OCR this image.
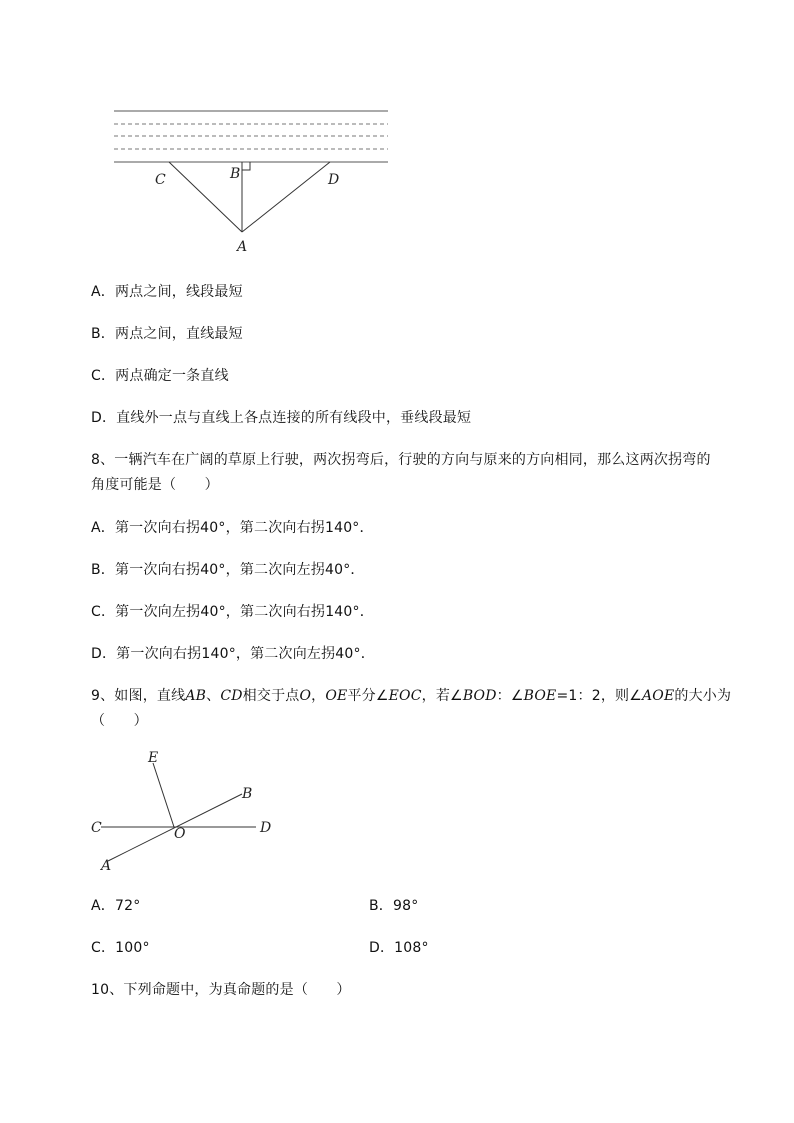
C	B	D
A
A．两点之间，线段最短
B．两点之间，直线最短
C．两点确定一条直线
D．直线外一点与直线上各点连接的所有线段中，垂线段最短
8、一辆汽车在广阔的草原上行驶，两次拐弯后，行驶的方向与原来的方向相同，那么这两次拐弯的
角度可能是（　　）
A．第一次向右拐40°，第二次向右拐140°．
B．第一次向右拐40°，第二次向左拐40°．
C．第一次向左拐40°，第二次向右拐140°．
D．第一次向右拐140°，第二次向左拐40°．
9、如图，直线AB、CD相交于点O，OE平分∠EOC，若∠BOD：∠BOE=1：2，则∠AOE的大小为
（　　）
E
B
C	O	D
A
A．72°	B．98°
C．100°	D．108°
10、下列命题中，为真命题的是（　　）
